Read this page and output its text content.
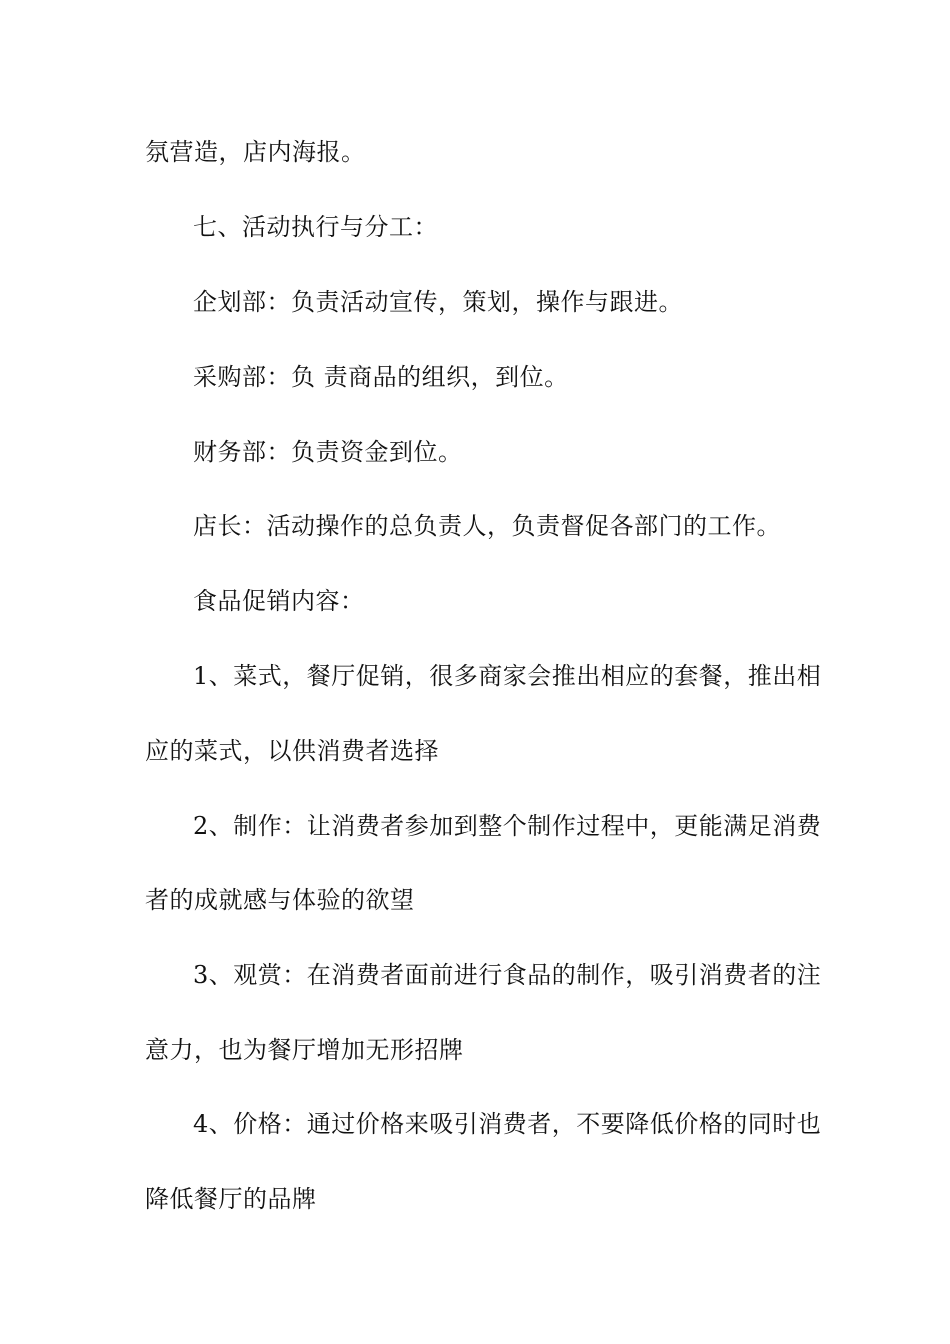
氛营造，店内海报。
七、活动执行与分工：
企划部：负责活动宣传，策划，操作与跟进。
采购部：负 责商品的组织，到位。
财务部：负责资金到位。
店长：活动操作的总负责人，负责督促各部门的工作。
食品促销内容：
1、菜式，餐厅促销，很多商家会推出相应的套餐，推出相
应的菜式，以供消费者选择
2、制作：让消费者参加到整个制作过程中，更能满足消费
者的成就感与体验的欲望
3、观赏：在消费者面前进行食品的制作，吸引消费者的注
意力，也为餐厅增加无形招牌
4、价格：通过价格来吸引消费者，不要降低价格的同时也
降低餐厅的品牌
